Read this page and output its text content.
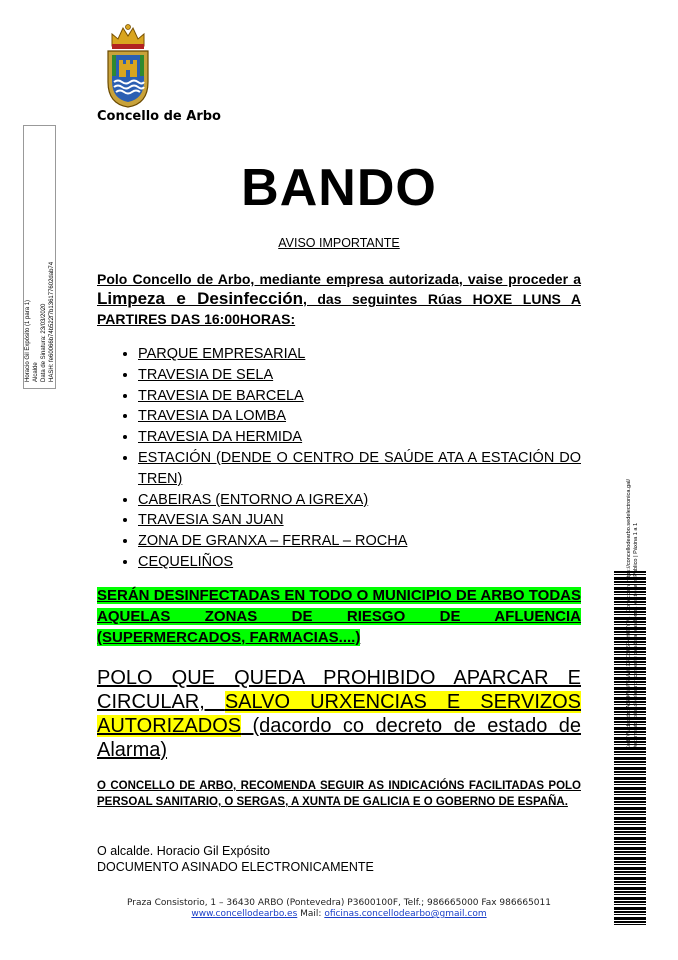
Concello de Arbo
Horacio Gil Expósito (1 para 1) Alcalde Data de Sinatura: 23/03/2020 HASH: fe60066b74b522f7b136177602dab74
BANDO
AVISO IMPORTANTE
Polo Concello de Arbo, mediante empresa autorizada, vaise proceder a Limpeza e Desinfección, das seguintes Rúas HOXE LUNS A PARTIRES DAS 16:00HORAS:
• PARQUE EMPRESARIAL
• TRAVESIA DE SELA
• TRAVESIA DE BARCELA
• TRAVESIA DA LOMBA
• TRAVESIA DA HERMIDA
• ESTACIÓN (DENDE O CENTRO DE SAÚDE ATA A ESTACIÓN DO TREN)
• CABEIRAS (ENTORNO A IGREXA)
• TRAVESIA SAN JUAN
• ZONA DE GRANXA – FERRAL – ROCHA
• CEQUELIÑOS
SERÁN DESINFECTADAS EN TODO O MUNICIPIO DE ARBO TODAS AQUELAS ZONAS DE RIESGO DE AFLUENCIA (SUPERMERCADOS, FARMACIAS....)
POLO QUE QUEDA PROHIBIDO APARCAR E CIRCULAR, SALVO URXENCIAS E SERVIZOS AUTORIZADOS (dacordo co decreto de estado de Alarma)
O CONCELLO DE ARBO, RECOMENDA SEGUIR AS INDICACIÓNS FACILITADAS POLO PERSOAL SANITARIO, O SERGAS, A XUNTA DE GALICIA E O GOBERNO DE ESPAÑA.
O alcalde. Horacio Gil Expósito
DOCUMENTO ASINADO ELECTRONICAMENTE
Praza Consistorio, 1 – 36430 ARBO (Pontevedra) P3600100F, Telf.; 986665000 Fax 986665011
www.concellodearbo.es Mail: oficinas.concellodearbo@gmail.com
Cod. Validación: A6HKWW3WW2XKCS66R4Y6NYVL | Corrección: https://concellodearbo.sedelectronica.gal/ Documento asinado electronicamente desde a plataforma xestiona esPublico | Páxina 1 a 1
